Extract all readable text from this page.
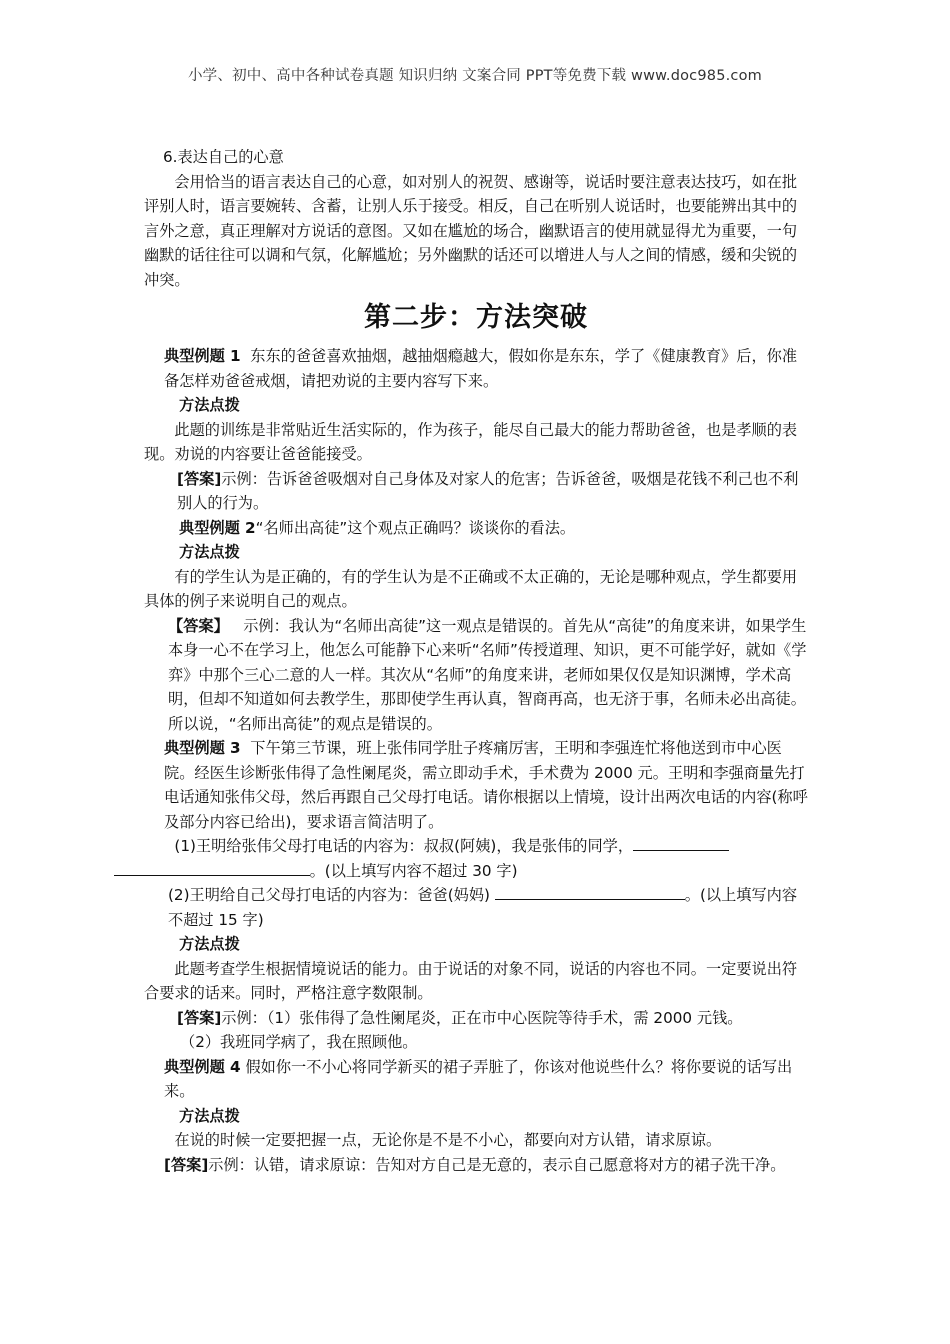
小学、初中、高中各种试卷真题 知识归纳 文案合同 PPT等免费下载 www.doc985.com

6.表达自己的心意

会用恰当的语言表达自己的心意，如对别人的祝贺、感谢等，说话时要注意表达技巧，如在批评别人时，语言要婉转、含蓄，让别人乐于接受。相反，自己在听别人说话时，也要能辨出其中的言外之意，真正理解对方说话的意图。又如在尴尬的场合，幽默语言的使用就显得尤为重要，一句幽默的话往往可以调和气氛，化解尴尬；另外幽默的话还可以增进人与人之间的情感，缓和尖锐的冲突。

第二步：方法突破

典型例题 1 东东的爸爸喜欢抽烟，越抽烟瘾越大，假如你是东东，学了《健康教育》后，你准备怎样劝爸爸戒烟，请把劝说的主要内容写下来。

方法点拨

此题的训练是非常贴近生活实际的，作为孩子，能尽自己最大的能力帮助爸爸，也是孝顺的表现。劝说的内容要让爸爸能接受。

[答案]示例：告诉爸爸吸烟对自己身体及对家人的危害；告诉爸爸，吸烟是花钱不利己也不利别人的行为。

典型例题 2“名师出高徒”这个观点正确吗？谈谈你的看法。

方法点拨

有的学生认为是正确的，有的学生认为是不正确或不太正确的，无论是哪种观点，学生都要用具体的例子来说明自己的观点。

【答案】 示例：我认为“名师出高徒”这一观点是错误的。首先从“高徒”的角度来讲，如果学生本身一心不在学习上，他怎么可能静下心来听“名师”传授道理、知识，更不可能学好，就如《学弈》中那个三心二意的人一样。其次从“名师”的角度来讲，老师如果仅仅是知识渊博，学术高明，但却不知道如何去教学生，那即使学生再认真，智商再高，也无济于事，名师未必出高徒。所以说，“名师出高徒”的观点是错误的。

典型例题 3 下午第三节课，班上张伟同学肚子疼痛厉害，王明和李强连忙将他送到市中心医院。经医生诊断张伟得了急性阑尾炎，需立即动手术，手术费为 2000 元。王明和李强商量先打电话通知张伟父母，然后再跟自己父母打电话。请你根据以上情境，设计出两次电话的内容(称呼及部分内容已给出)，要求语言简洁明了。

(1)王明给张伟父母打电话的内容为：叔叔(阿姨)，我是张伟的同学，
。(以上填写内容不超过 30 字)

(2)王明给自己父母打电话的内容为：爸爸(妈妈)	。(以上填写内容不超过 15 字)

方法点拨

此题考查学生根据情境说话的能力。由于说话的对象不同，说话的内容也不同。一定要说出符合要求的话来。同时，严格注意字数限制。

[答案]示例：（1）张伟得了急性阑尾炎，正在市中心医院等待手术，需 2000 元钱。

（2）我班同学病了，我在照顾他。

典型例题 4 假如你一不小心将同学新买的裙子弄脏了，你该对他说些什么？将你要说的话写出来。

方法点拨

在说的时候一定要把握一点，无论你是不是不小心，都要向对方认错，请求原谅。

[答案]示例：认错，请求原谅：告知对方自己是无意的，表示自己愿意将对方的裙子洗干净。
